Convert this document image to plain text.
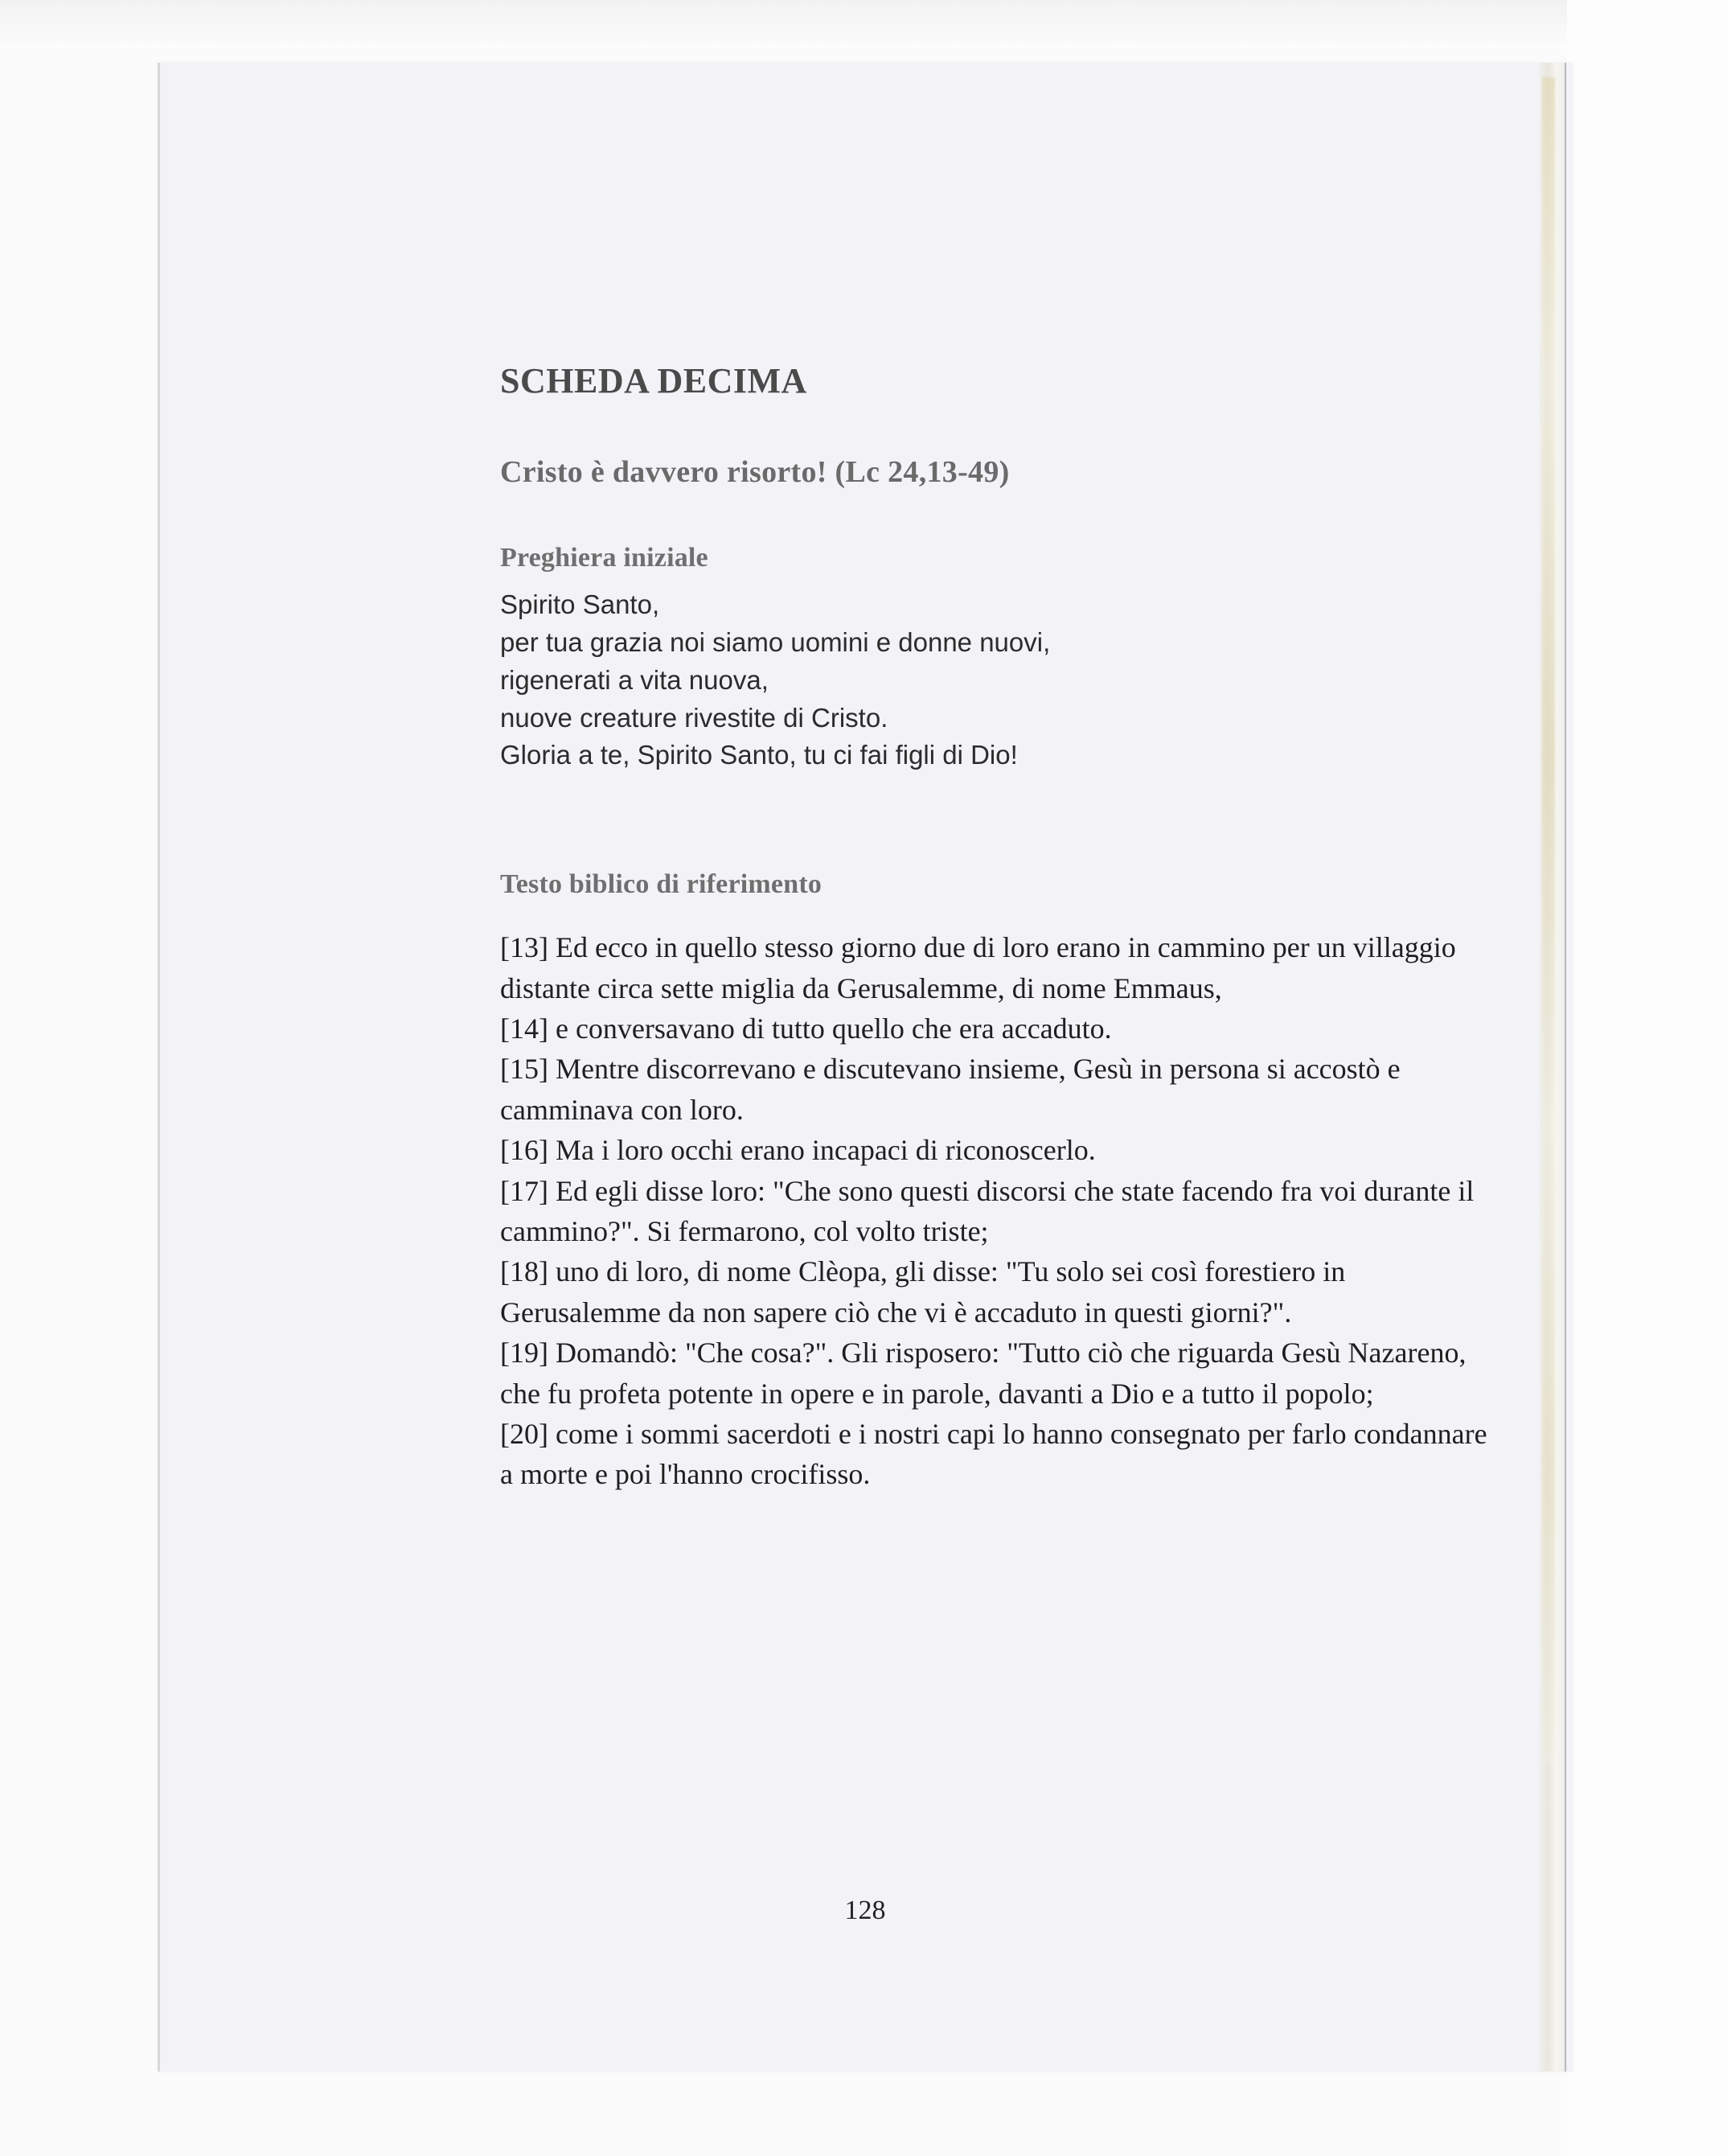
SCHEDA DECIMA
Cristo è davvero risorto! (Lc 24,13-49)
Preghiera iniziale
Spirito Santo,
per tua grazia noi siamo uomini e donne nuovi,
rigenerati a vita nuova,
nuove creature rivestite di Cristo.
Gloria a te, Spirito Santo, tu ci fai figli di Dio!
Testo biblico di riferimento
[13] Ed ecco in quello stesso giorno due di loro erano in cammino per un villaggio distante circa sette miglia da Gerusalemme, di nome Emmaus,
[14] e conversavano di tutto quello che era accaduto.
[15] Mentre discorrevano e discutevano insieme, Gesù in persona si accostò e camminava con loro.
[16] Ma i loro occhi erano incapaci di riconoscerlo.
[17] Ed egli disse loro: "Che sono questi discorsi che state facendo fra voi durante il cammino?". Si fermarono, col volto triste;
[18] uno di loro, di nome Clèopa, gli disse: "Tu solo sei così forestiero in Gerusalemme da non sapere ciò che vi è accaduto in questi giorni?".
[19] Domandò: "Che cosa?". Gli risposero: "Tutto ciò che riguarda Gesù Nazareno, che fu profeta potente in opere e in parole, davanti a Dio e a tutto il popolo;
[20] come i sommi sacerdoti e i nostri capi lo hanno consegnato per farlo condannare a morte e poi l'hanno crocifisso.
128
